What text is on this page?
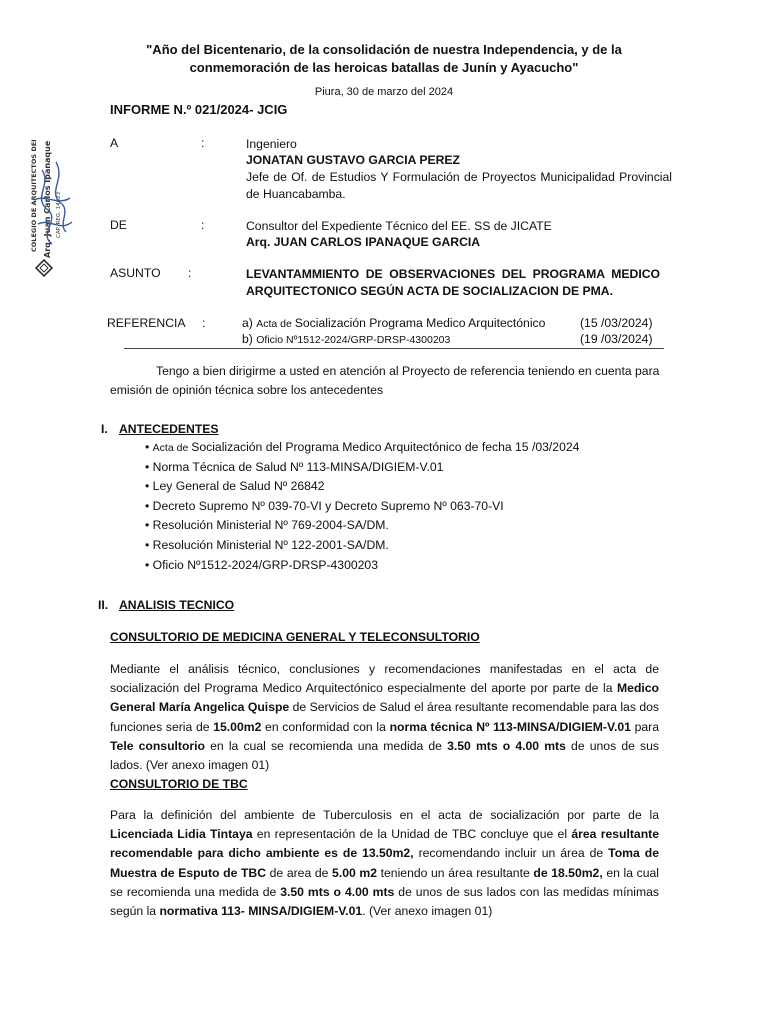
"Año del Bicentenario, de la consolidación de nuestra Independencia, y de la conmemoración de las heroicas batallas de Junín y Ayacucho"
Piura, 30 de marzo del 2024
INFORME N.º 021/2024- JCIG
COLEGIO DE ARQUITECTOS DEL PERÚ Arq. Juan Carlos Ipanaque García CAP. REG. 14623
A	:	Ingeniero
JONATAN GUSTAVO GARCIA PEREZ
Jefe de Of. de Estudios Y Formulación de Proyectos Municipalidad Provincial de Huancabamba.
DE	:	Consultor del Expediente Técnico del EE. SS de JICATE
Arq. JUAN CARLOS IPANAQUE GARCIA
ASUNTO :	LEVANTAMMIENTO DE OBSERVACIONES DEL PROGRAMA MEDICO ARQUITECTONICO SEGÚN ACTA DE SOCIALIZACION DE PMA.
REFERENCIA :	a) Acta de Socialización Programa Medico Arquitectónico	(15 /03/2024)
b) Oficio Nº1512-2024/GRP-DRSP-4300203	(19 /03/2024)
Tengo a bien dirigirme a usted en atención al Proyecto de referencia teniendo en cuenta para emisión de opinión técnica sobre los antecedentes
I. ANTECEDENTES
• Acta de Socialización del Programa Medico Arquitectónico de fecha 15 /03/2024
• Norma Técnica de Salud Nº 113-MINSA/DIGIEM-V.01
• Ley General de Salud Nº 26842
• Decreto Supremo Nº 039-70-VI y Decreto Supremo Nº 063-70-VI
• Resolución Ministerial Nº 769-2004-SA/DM.
• Resolución Ministerial Nº 122-2001-SA/DM.
• Oficio Nº1512-2024/GRP-DRSP-4300203
II. ANALISIS TECNICO
CONSULTORIO DE MEDICINA GENERAL Y TELECONSULTORIO
Mediante el análisis técnico, conclusiones y recomendaciones manifestadas en el acta de socialización del Programa Medico Arquitectónico especialmente del aporte por parte de la Medico General María Angelica Quispe de Servicios de Salud el área resultante recomendable para las dos funciones seria de 15.00m2 en conformidad con la norma técnica Nº 113-MINSA/DIGIEM-V.01 para Tele consultorio en la cual se recomienda una medida de 3.50 mts o 4.00 mts de unos de sus lados. (Ver anexo imagen 01)
CONSULTORIO DE TBC
Para la definición del ambiente de Tuberculosis en el acta de socialización por parte de la Licenciada Lidia Tintaya en representación de la Unidad de TBC concluye que el área resultante recomendable para dicho ambiente es de 13.50m2, recomendando incluir un área de Toma de Muestra de Esputo de TBC de area de 5.00 m2 teniendo un área resultante de 18.50m2, en la cual se recomienda una medida de 3.50 mts o 4.00 mts de unos de sus lados con las medidas mínimas según la normativa 113- MINSA/DIGIEM-V.01. (Ver anexo imagen 01)
